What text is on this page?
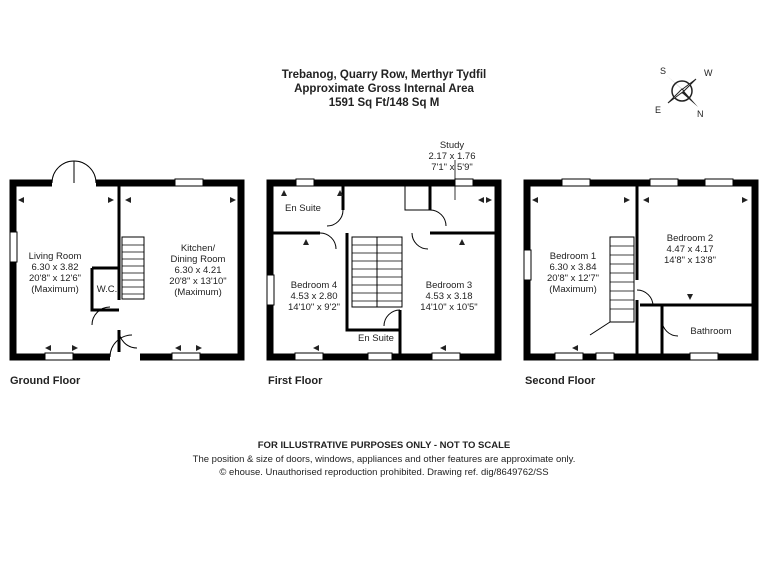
Trebanog, Quarry Row, Merthyr Tydfil
Approximate Gross Internal Area
1591 Sq Ft/148 Sq M
S	W
E	N
Living Room
6.30 x 3.82
20'8" x 12'6"
(Maximum)
Kitchen/
Dining Room
6.30 x 4.21
20'8" x 13'10"
(Maximum)
W.C.
Ground Floor
Study
2.17 x 1.76
7'1" x 5'9"
En Suite
Bedroom 4
4.53 x 2.80
14'10" x 9'2"
Bedroom 3
4.53 x 3.18
14'10" x 10'5"
En Suite
First Floor
Bedroom 1
6.30 x 3.84
20'8" x 12'7"
(Maximum)
Bedroom 2
4.47 x 4.17
14'8" x 13'8"
Bathroom
Second Floor
FOR ILLUSTRATIVE PURPOSES ONLY - NOT TO SCALE
The position & size of doors, windows, appliances and other features are approximate only.
© ehouse. Unauthorised reproduction prohibited. Drawing ref. dig/8649762/SS
